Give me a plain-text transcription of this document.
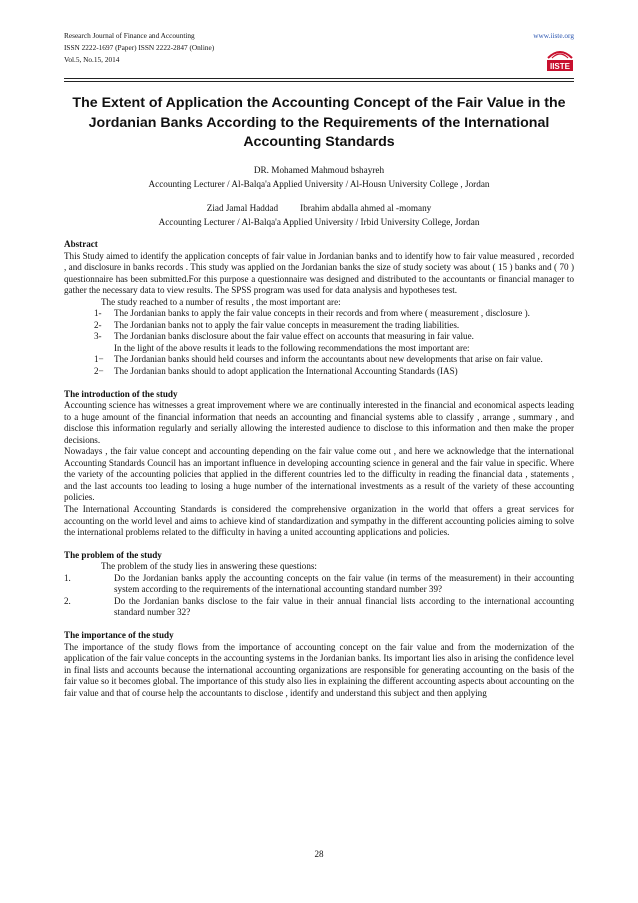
Research Journal of Finance and Accounting
ISSN 2222-1697 (Paper) ISSN 2222-2847 (Online)
Vol.5, No.15, 2014
www.iiste.org
IISTE
The Extent of Application the Accounting Concept of the Fair Value in the Jordanian Banks According to the Requirements of the International Accounting Standards
DR. Mohamed Mahmoud bshayreh
Accounting Lecturer / Al-Balqa'a Applied University / Al-Housn University College , Jordan
Ziad Jamal Haddad Ibrahim abdalla ahmed al -momany
Accounting Lecturer / Al-Balqa'a Applied University / Irbid University College, Jordan
Abstract

This Study aimed to identify the application concepts of fair value in Jordanian banks and to identify how to fair value measured , recorded , and disclosure in banks records . This study was applied on the Jordanian banks the size of study society was about ( 15 ) banks and ( 70 ) questionnaire has been submitted.For this purpose a questionnaire was designed and distributed to the accountants or financial manager to gather the necessary data to view results. The SPSS program was used for data analysis and hypotheses test.

The study reached to a number of results , the most important are:

1-	The Jordanian banks to apply the fair value concepts in their records and from where ( measurement , disclosure ).
2-	The Jordanian banks not to apply the fair value concepts in measurement the trading liabilities.
3-	The Jordanian banks disclosure about the fair value effect on accounts that measuring in fair value.

In the light of the above results it leads to the following recommendations the most important are:

1−	The Jordanian banks should held courses and inform the accountants about new developments that arise on fair value.
2−	The Jordanian banks should to adopt application the International Accounting Standards (IAS)
The introduction of the study

Accounting science has witnesses a great improvement where we are continually interested in the financial and economical aspects leading to a huge amount of the financial information that needs an accounting and financial systems able to classify , arrange , summary , and disclose this information regularly and serially allowing the interested audience to disclose to this information and then make the proper decisions.

Nowadays , the fair value concept and accounting depending on the fair value come out , and here we acknowledge that the international Accounting Standards Council has an important influence in developing accounting science in general and the fair value in specific. Where the variety of the accounting policies that applied in the different countries led to the difficulty in reading the financial data , statements , and the last accounts too leading to losing a huge number of the international investments as a result of the variety of these accounting policies.

The International Accounting Standards is considered the comprehensive organization in the world that offers a great services for accounting on the world level and aims to achieve kind of standardization and sympathy in the different accounting policies aiming to solve the international problems related to the difficulty in having a united accounting applications and policies.

The problem of the study

The problem of the study lies in answering these questions:

1.	Do the Jordanian banks apply the accounting concepts on the fair value (in terms of the measurement) in their accounting system according to the requirements of the international accounting standard number 39?
2.	Do the Jordanian banks disclose to the fair value in their annual financial lists according to the international accounting standard number 32?
The importance of the study

The importance of the study flows from the importance of accounting concept on the fair value and from the modernization of the application of the fair value concepts in the accounting systems in the Jordanian banks. Its important lies also in arising the confidence level in final lists and accounts because the international accounting organizations are responsible for generating accounting on the basis of the fair value so it becomes global. The importance of this study also lies in explaining the different accounting aspects about accounting on the fair value and that of course help the accountants to disclose , identify and understand this subject and then applying

28
